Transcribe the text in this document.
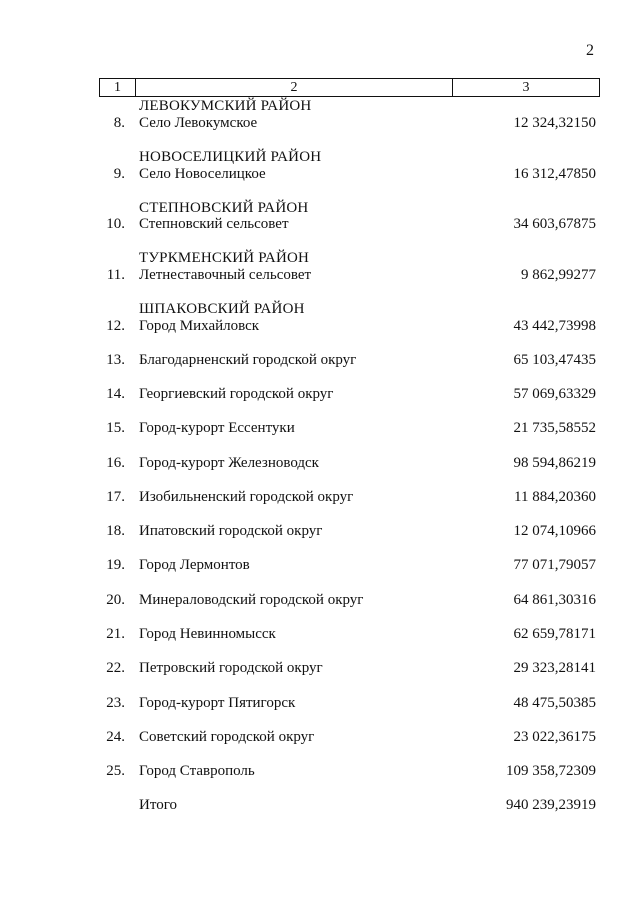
2
1	2	3
ЛЕВОКУМСКИЙ РАЙОН
НОВОСЕЛИЦКИЙ РАЙОН
СТЕПНОВСКИЙ РАЙОН
ТУРКМЕНСКИЙ РАЙОН
ШПАКОВСКИЙ РАЙОН
8. Село Левокумское	12 324,32150
9. Село Новоселицкое	16 312,47850
10. Степновский сельсовет	34 603,67875
11. Летнеставочный сельсовет	9 862,99277
12. Город Михайловск	43 442,73998
13. Благодарненский городской округ	65 103,47435
14. Георгиевский городской округ	57 069,63329
15. Город-курорт Ессентуки	21 735,58552
16. Город-курорт Железноводск	98 594,86219
17. Изобильненский городской округ	11 884,20360
18. Ипатовский городской округ	12 074,10966
19. Город Лермонтов	77 071,79057
20. Минераловодский городской округ	64 861,30316
21. Город Невинномысск	62 659,78171
22. Петровский городской округ	29 323,28141
23. Город-курорт Пятигорск	48 475,50385
24. Советский городской округ	23 022,36175
25. Город Ставрополь	109 358,72309
Итого	940 239,23919
